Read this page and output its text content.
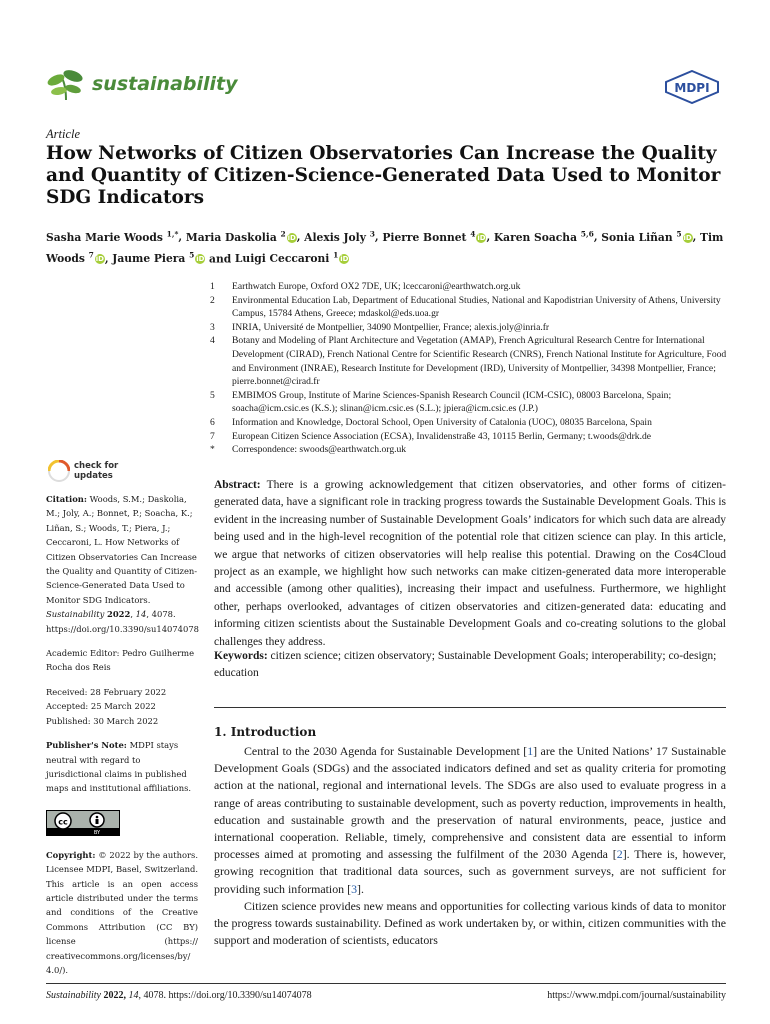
sustainability	MDPI
Article
How Networks of Citizen Observatories Can Increase the Quality and Quantity of Citizen-Science-Generated Data Used to Monitor SDG Indicators
Sasha Marie Woods $^{1,*}$, Maria Daskolia $^2$ iD, Alexis Joly $^3$, Pierre Bonnet $^4$ iD, Karen Soacha $^{5,6}$, Sonia Liñan $^5$ iD, Tim Woods $^7$ iD, Jaume Piera $^5$ iD and Luigi Ceccaroni $^1$ iD
1	Earthwatch Europe, Oxford OX2 7DE, UK; lceccaroni@earthwatch.org.uk
2	Environmental Education Lab, Department of Educational Studies, National and Kapodistrian University of Athens, University Campus, 15784 Athens, Greece; mdaskol@eds.uoa.gr
3	INRIA, Université de Montpellier, 34090 Montpellier, France; alexis.joly@inria.fr
4	Botany and Modeling of Plant Architecture and Vegetation (AMAP), French Agricultural Research Centre for International Development (CIRAD), French National Centre for Scientific Research (CNRS), French National Institute for Agriculture, Food and Environment (INRAE), Research Institute for Development (IRD), University of Montpellier, 34398 Montpellier, France; pierre.bonnet@cirad.fr
5	EMBIMOS Group, Institute of Marine Sciences-Spanish Research Council (ICM-CSIC), 08003 Barcelona, Spain; soacha@icm.csic.es (K.S.); slinan@icm.csic.es (S.L.); jpiera@icm.csic.es (J.P.)
6	Information and Knowledge, Doctoral School, Open University of Catalonia (UOC), 08035 Barcelona, Spain
7	European Citizen Science Association (ECSA), Invalidenstraße 43, 10115 Berlin, Germany; t.woods@drk.de
*	Correspondence: swoods@earthwatch.org.uk
check for
updates
Citation: Woods, S.M.; Daskolia, M.; Joly, A.; Bonnet, P.; Soacha, K.; Liñan, S.; Woods, T.; Piera, J.; Ceccaroni, L. How Networks of Citizen Observatories Can Increase the Quality and Quantity of Citizen-Science-Generated Data Used to Monitor SDG Indicators. Sustainability 2022, 14, 4078. https://doi.org/10.3390/su14074078
Academic Editor: Pedro Guilherme Rocha dos Reis
Received: 28 February 2022
Accepted: 25 March 2022
Published: 30 March 2022
Publisher's Note: MDPI stays neutral with regard to jurisdictional claims in published maps and institutional affiliations.
cc
BY
Copyright: © 2022 by the authors. Licensee MDPI, Basel, Switzerland. This article is an open access article distributed under the terms and conditions of the Creative Commons Attribution (CC BY) license (https:// creativecommons.org/licenses/by/ 4.0/).

Abstract: There is a growing acknowledgement that citizen observatories, and other forms of citizen-generated data, have a significant role in tracking progress towards the Sustainable Development Goals. This is evident in the increasing number of Sustainable Development Goals’ indicators for which such data are already being used and in the high-level recognition of the potential role that citizen science can play. In this article, we argue that networks of citizen observatories will help realise this potential. Drawing on the Cos4Cloud project as an example, we highlight how such networks can make citizen-generated data more interoperable and accessible (among other qualities), increasing their impact and usefulness. Furthermore, we highlight other, perhaps overlooked, advantages of citizen observatories and citizen-generated data: educating and informing citizen scientists about the Sustainable Development Goals and co-creating solutions to the global challenges they address.

Keywords: citizen science; citizen observatory; Sustainable Development Goals; interoperability; co-design; education

1. Introduction

Central to the 2030 Agenda for Sustainable Development [1] are the United Nations’ 17 Sustainable Development Goals (SDGs) and the associated indicators defined and set as quality criteria for promoting action at the national, regional and international levels. The SDGs are also used to evaluate progress in a range of areas contributing to sustainable development, such as poverty reduction, improvements in health, education and sustainable growth and the preservation of natural environments, peace, justice and international cooperation. Reliable, timely, comprehensive and consistent data are essential to inform processes aimed at promoting and assessing the fulfilment of the 2030 Agenda [2]. There is, however, growing recognition that traditional data sources, such as government surveys, are not sufficient for providing such information [3].

Citizen science provides new means and opportunities for collecting various kinds of data to monitor the progress towards sustainability. Defined as work undertaken by, or within, citizen communities with the support and moderation of scientists, educators

Sustainability 2022, 14, 4078. https://doi.org/10.3390/su14074078	https://www.mdpi.com/journal/sustainability
